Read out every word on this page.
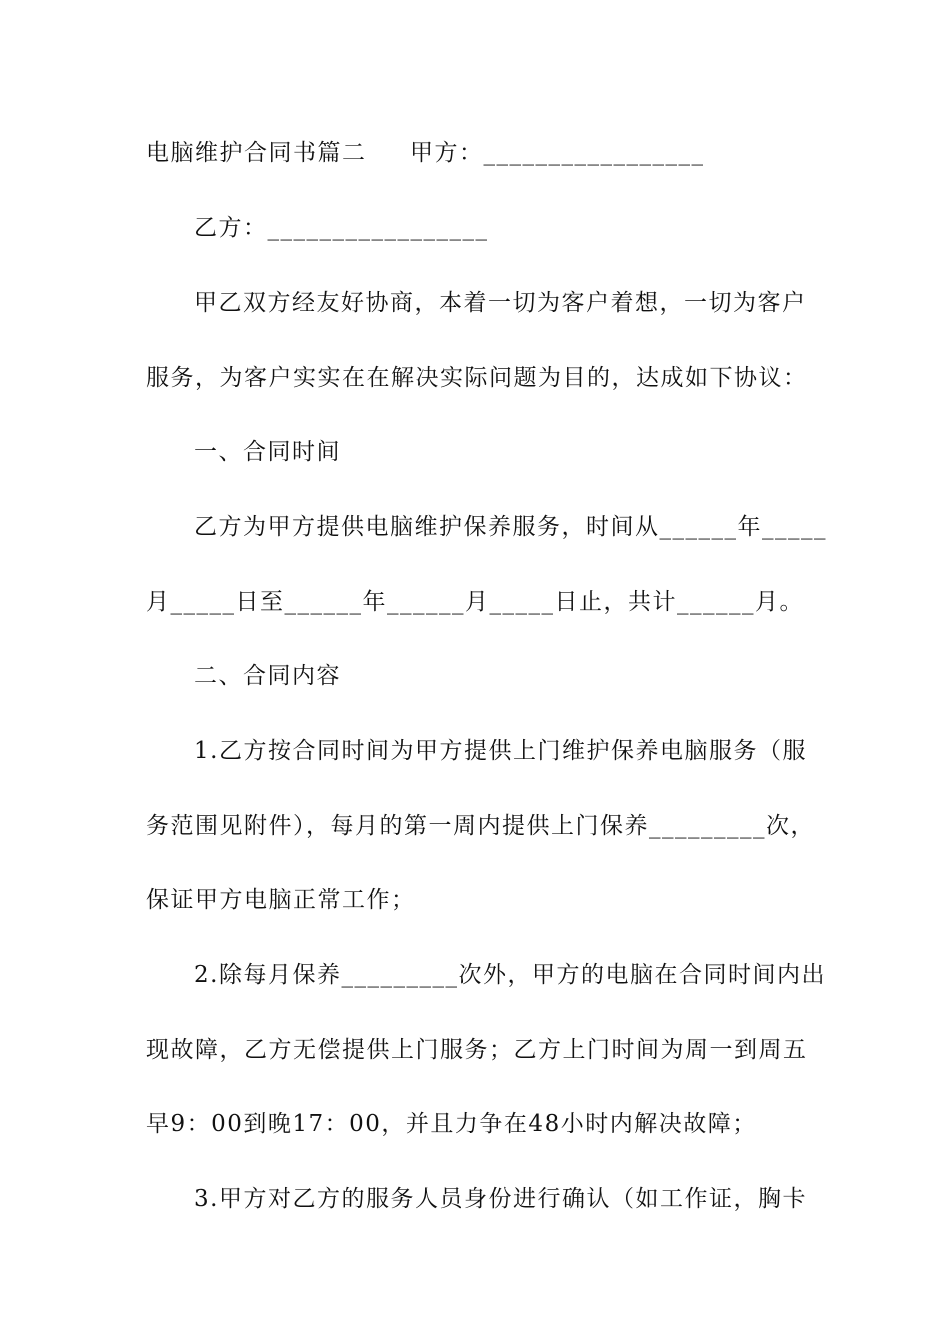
电脑维护合同书篇二 甲方：_________________
乙方：_________________
甲乙双方经友好协商，本着一切为客户着想，一切为客户
服务，为客户实实在在解决实际问题为目的，达成如下协议：
一、合同时间
乙方为甲方提供电脑维护保养服务，时间从______年_____
月_____日至______年______月_____日止，共计______月。
二、合同内容
1.乙方按合同时间为甲方提供上门维护保养电脑服务（服
务范围见附件），每月的第一周内提供上门保养_________次，
保证甲方电脑正常工作；
2.除每月保养_________次外，甲方的电脑在合同时间内出
现故障，乙方无偿提供上门服务；乙方上门时间为周一到周五
早9：00到晚17：00，并且力争在48小时内解决故障；
3.甲方对乙方的服务人员身份进行确认（如工作证，胸卡
